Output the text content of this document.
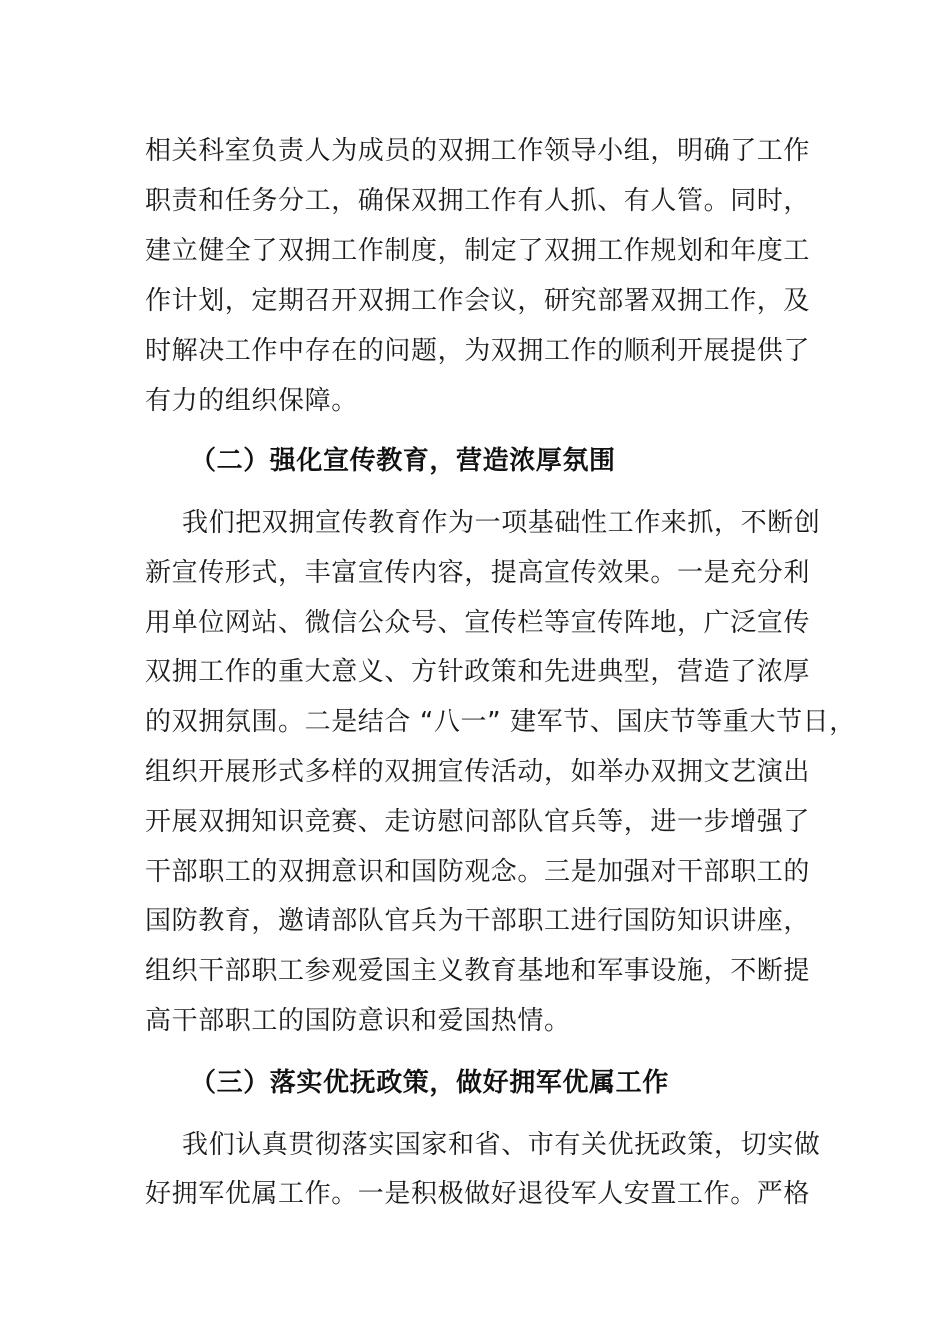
相关科室负责人为成员的双拥工作领导小组，明确了工作
职责和任务分工，确保双拥工作有人抓、有人管。同时，
建立健全了双拥工作制度，制定了双拥工作规划和年度工
作计划，定期召开双拥工作会议，研究部署双拥工作，及
时解决工作中存在的问题，为双拥工作的顺利开展提供了
有力的组织保障。
（二）强化宣传教育，营造浓厚氛围
我们把双拥宣传教育作为一项基础性工作来抓，不断创
新宣传形式，丰富宣传内容，提高宣传效果。一是充分利
用单位网站、微信公众号、宣传栏等宣传阵地，广泛宣传
双拥工作的重大意义、方针政策和先进典型，营造了浓厚
的双拥氛围。二是结合 “八一” 建军节、国庆节等重大节日，
组织开展形式多样的双拥宣传活动，如举办双拥文艺演出
开展双拥知识竞赛、走访慰问部队官兵等，进一步增强了
干部职工的双拥意识和国防观念。三是加强对干部职工的
国防教育，邀请部队官兵为干部职工进行国防知识讲座，
组织干部职工参观爱国主义教育基地和军事设施，不断提
高干部职工的国防意识和爱国热情。
（三）落实优抚政策，做好拥军优属工作
我们认真贯彻落实国家和省、市有关优抚政策，切实做
好拥军优属工作。一是积极做好退役军人安置工作。严格
